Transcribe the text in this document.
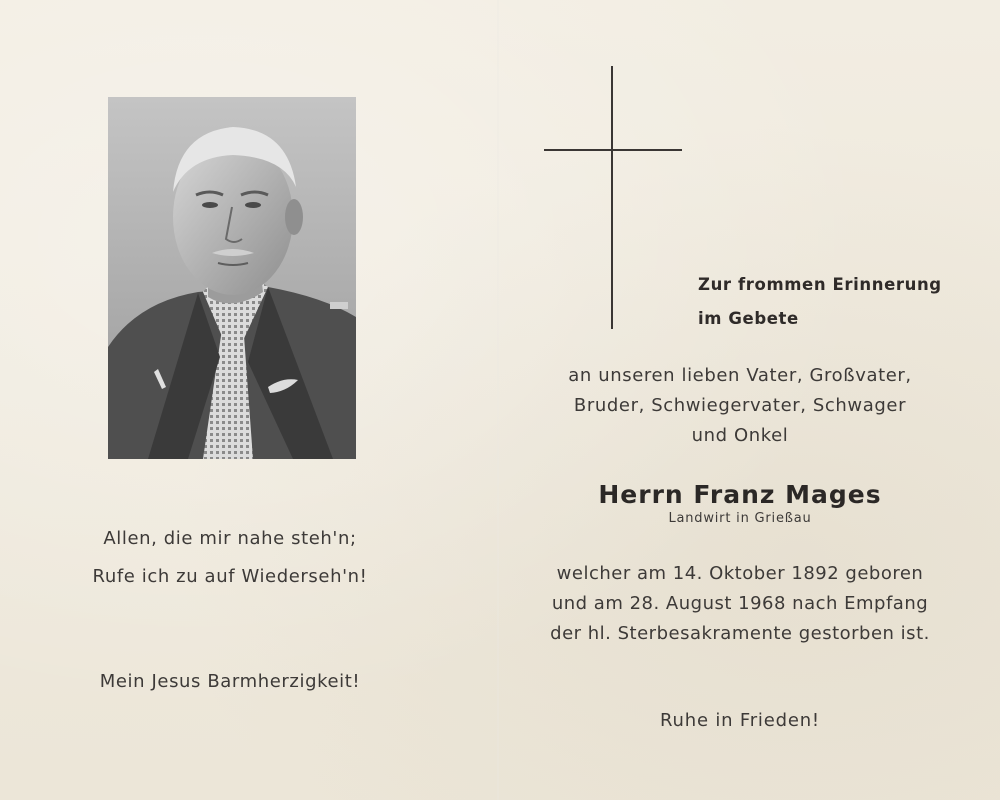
Allen, die mir nahe steh'n;
Rufe ich zu auf Wiederseh'n!
Mein Jesus Barmherzigkeit!
Zur frommen Erinnerung
im Gebete
an unseren lieben Vater, Großvater,
Bruder, Schwiegervater, Schwager
und Onkel
Herrn Franz Mages
Landwirt in Grießau
welcher am 14. Oktober 1892 geboren
und am 28. August 1968 nach Empfang
der hl. Sterbesakramente gestorben ist.
Ruhe in Frieden!
